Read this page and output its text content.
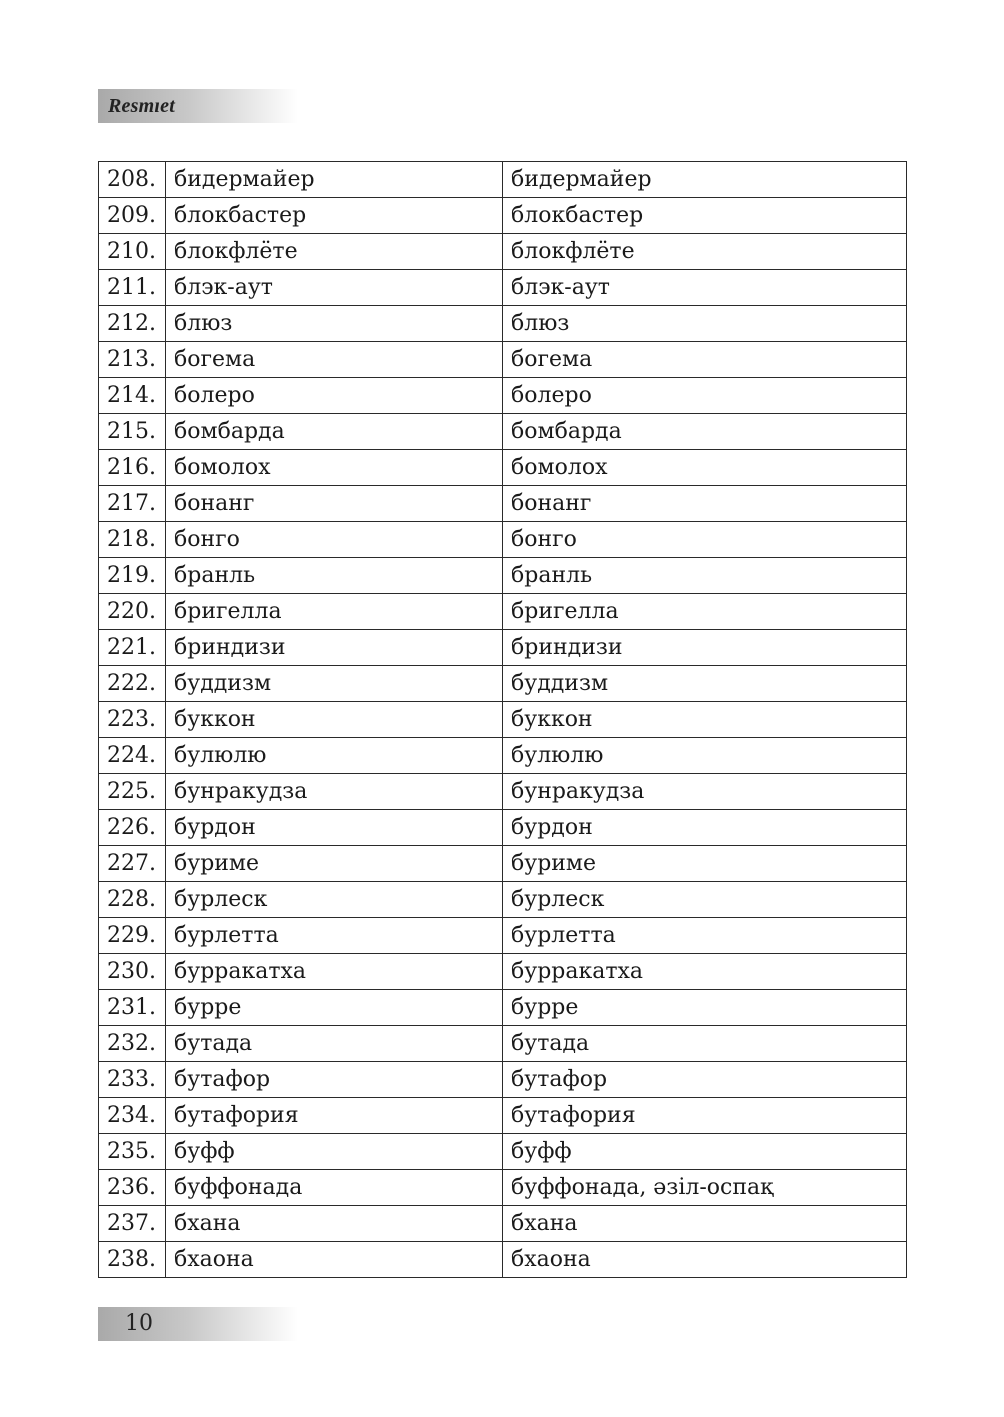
Resmıet
208.	бидермайер	бидермайер
209.	блокбастер	блокбастер
210.	блокфлёте	блокфлёте
211.	блэк-аут	блэк-аут
212.	блюз	блюз
213.	богема	богема
214.	болеро	болеро
215.	бомбарда	бомбарда
216.	бомолох	бомолох
217.	бонанг	бонанг
218.	бонго	бонго
219.	бранль	бранль
220.	бригелла	бригелла
221.	бриндизи	бриндизи
222.	буддизм	буддизм
223.	буккон	буккон
224.	булюлю	булюлю
225.	бунракудза	бунракудза
226.	бурдон	бурдон
227.	буриме	буриме
228.	бурлеск	бурлеск
229.	бурлетта	бурлетта
230.	бурракатха	бурракатха
231.	бурре	бурре
232.	бутада	бутада
233.	бутафор	бутафор
234.	бутафория	бутафория
235.	буфф	буфф
236.	буффонада	буффонада, әзіл-оспақ
237.	бхана	бхана
238.	бхаона	бхаона
10
